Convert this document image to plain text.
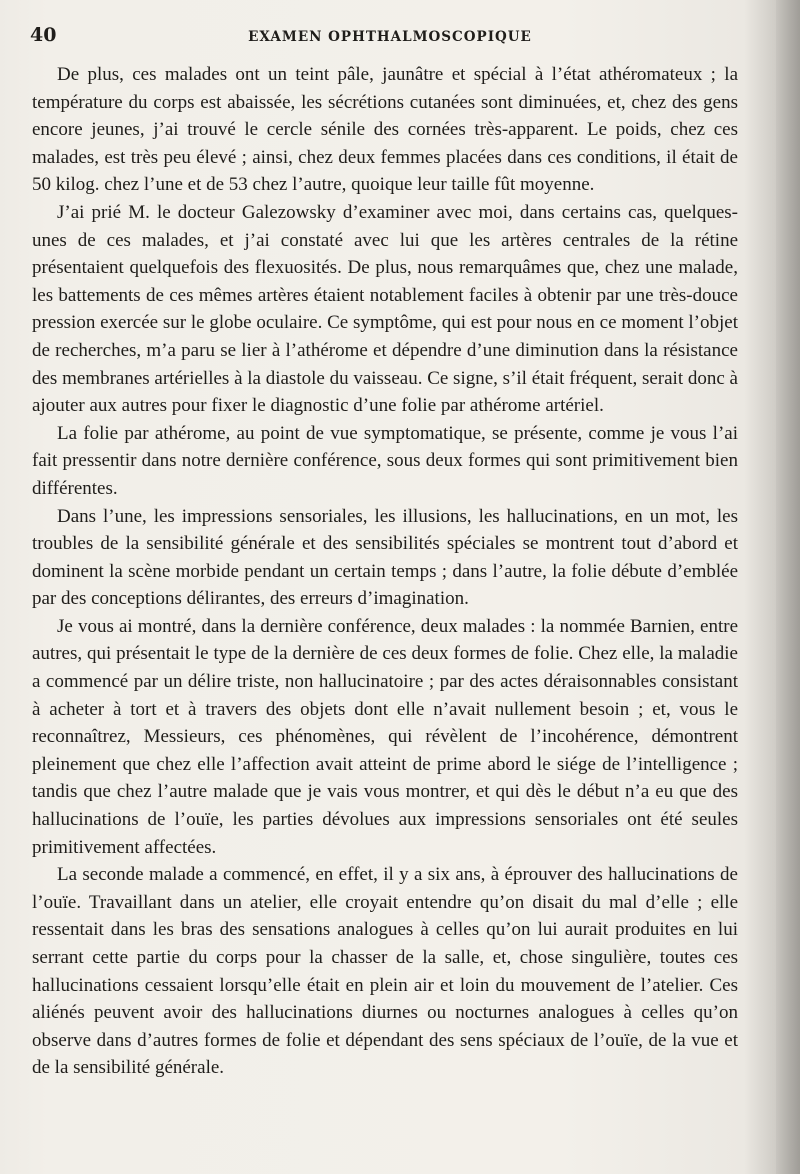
40	EXAMEN OPHTHALMOSCOPIQUE

De plus, ces malades ont un teint pâle, jaunâtre et spécial à l’état athéromateux ; la température du corps est abaissée, les sécrétions cutanées sont diminuées, et, chez des gens encore jeunes, j’ai trouvé le cercle sénile des cornées très-apparent. Le poids, chez ces malades, est très peu élevé ; ainsi, chez deux femmes placées dans ces conditions, il était de 50 kilog. chez l’une et de 53 chez l’autre, quoique leur taille fût moyenne.

J’ai prié M. le docteur Galezowsky d’examiner avec moi, dans certains cas, quelques-unes de ces malades, et j’ai constaté avec lui que les artères centrales de la rétine présentaient quelquefois des flexuosités. De plus, nous remarquâmes que, chez une malade, les battements de ces mêmes artères étaient notablement faciles à obtenir par une très-douce pression exercée sur le globe oculaire. Ce symptôme, qui est pour nous en ce moment l’objet de recherches, m’a paru se lier à l’athérome et dépendre d’une diminution dans la résistance des membranes artérielles à la diastole du vaisseau. Ce signe, s’il était fréquent, serait donc à ajouter aux autres pour fixer le diagnostic d’une folie par athérome artériel.

La folie par athérome, au point de vue symptomatique, se présente, comme je vous l’ai fait pressentir dans notre dernière conférence, sous deux formes qui sont primitivement bien différentes.

Dans l’une, les impressions sensoriales, les illusions, les hallucinations, en un mot, les troubles de la sensibilité générale et des sensibilités spéciales se montrent tout d’abord et dominent la scène morbide pendant un certain temps ; dans l’autre, la folie débute d’emblée par des conceptions délirantes, des erreurs d’imagination.

Je vous ai montré, dans la dernière conférence, deux malades : la nommée Barnien, entre autres, qui présentait le type de la dernière de ces deux formes de folie. Chez elle, la maladie a commencé par un délire triste, non hallucinatoire ; par des actes déraisonnables consistant à acheter à tort et à travers des objets dont elle n’avait nullement besoin ; et, vous le reconnaîtrez, Messieurs, ces phénomènes, qui révèlent de l’incohérence, démontrent pleinement que chez elle l’affection avait atteint de prime abord le siége de l’intelligence ; tandis que chez l’autre malade que je vais vous montrer, et qui dès le début n’a eu que des hallucinations de l’ouïe, les parties dévolues aux impressions sensoriales ont été seules primitivement affectées.

La seconde malade a commencé, en effet, il y a six ans, à éprouver des hallucinations de l’ouïe. Travaillant dans un atelier, elle croyait entendre qu’on disait du mal d’elle ; elle ressentait dans les bras des sensations analogues à celles qu’on lui aurait produites en lui serrant cette partie du corps pour la chasser de la salle, et, chose singulière, toutes ces hallucinations cessaient lorsqu’elle était en plein air et loin du mouvement de l’atelier. Ces aliénés peuvent avoir des hallucinations diurnes ou nocturnes analogues à celles qu’on observe dans d’autres formes de folie et dépendant des sens spéciaux de l’ouïe, de la vue et de la sensibilité générale.
